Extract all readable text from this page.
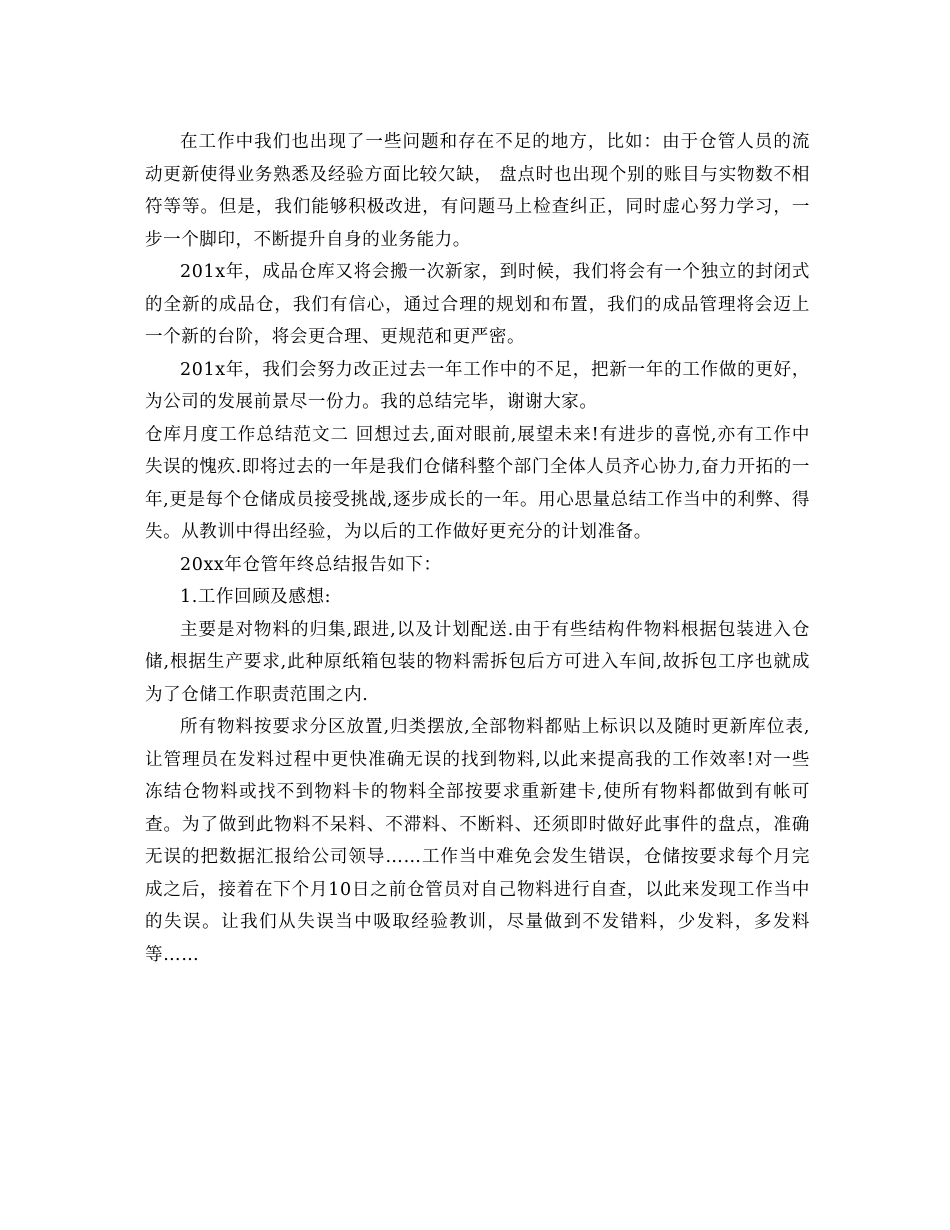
在工作中我们也出现了一些问题和存在不足的地方，比如：由于仓管人员的流动更新使得业务熟悉及经验方面比较欠缺， 盘点时也出现个别的账目与实物数不相符等等。但是，我们能够积极改进，有问题马上检查纠正，同时虚心努力学习，一步一个脚印，不断提升自身的业务能力。

201x年，成品仓库又将会搬一次新家，到时候，我们将会有一个独立的封闭式的全新的成品仓，我们有信心，通过合理的规划和布置，我们的成品管理将会迈上一个新的台阶，将会更合理、更规范和更严密。

201x年，我们会努力改正过去一年工作中的不足，把新一年的工作做的更好，为公司的发展前景尽一份力。我的总结完毕，谢谢大家。

仓库月度工作总结范文二 回想过去,面对眼前,展望未来!有进步的喜悦,亦有工作中失误的愧疚.即将过去的一年是我们仓储科整个部门全体人员齐心协力,奋力开拓的一年,更是每个仓储成员接受挑战,逐步成长的一年。用心思量总结工作当中的利弊、得失。从教训中得出经验，为以后的工作做好更充分的计划准备。

20xx年仓管年终总结报告如下：

1.工作回顾及感想:

主要是对物料的归集,跟进,以及计划配送.由于有些结构件物料根据包装进入仓储,根据生产要求,此种原纸箱包装的物料需拆包后方可进入车间,故拆包工序也就成为了仓储工作职责范围之内.

所有物料按要求分区放置,归类摆放,全部物料都贴上标识以及随时更新库位表,让管理员在发料过程中更快准确无误的找到物料,以此来提高我的工作效率!对一些冻结仓物料或找不到物料卡的物料全部按要求重新建卡,使所有物料都做到有帐可查。为了做到此物料不呆料、不滞料、不断料、还须即时做好此事件的盘点，准确无误的把数据汇报给公司领导……工作当中难免会发生错误，仓储按要求每个月完成之后，接着在下个月10日之前仓管员对自己物料进行自查，以此来发现工作当中的失误。让我们从失误当中吸取经验教训，尽量做到不发错料，少发料，多发料等……
